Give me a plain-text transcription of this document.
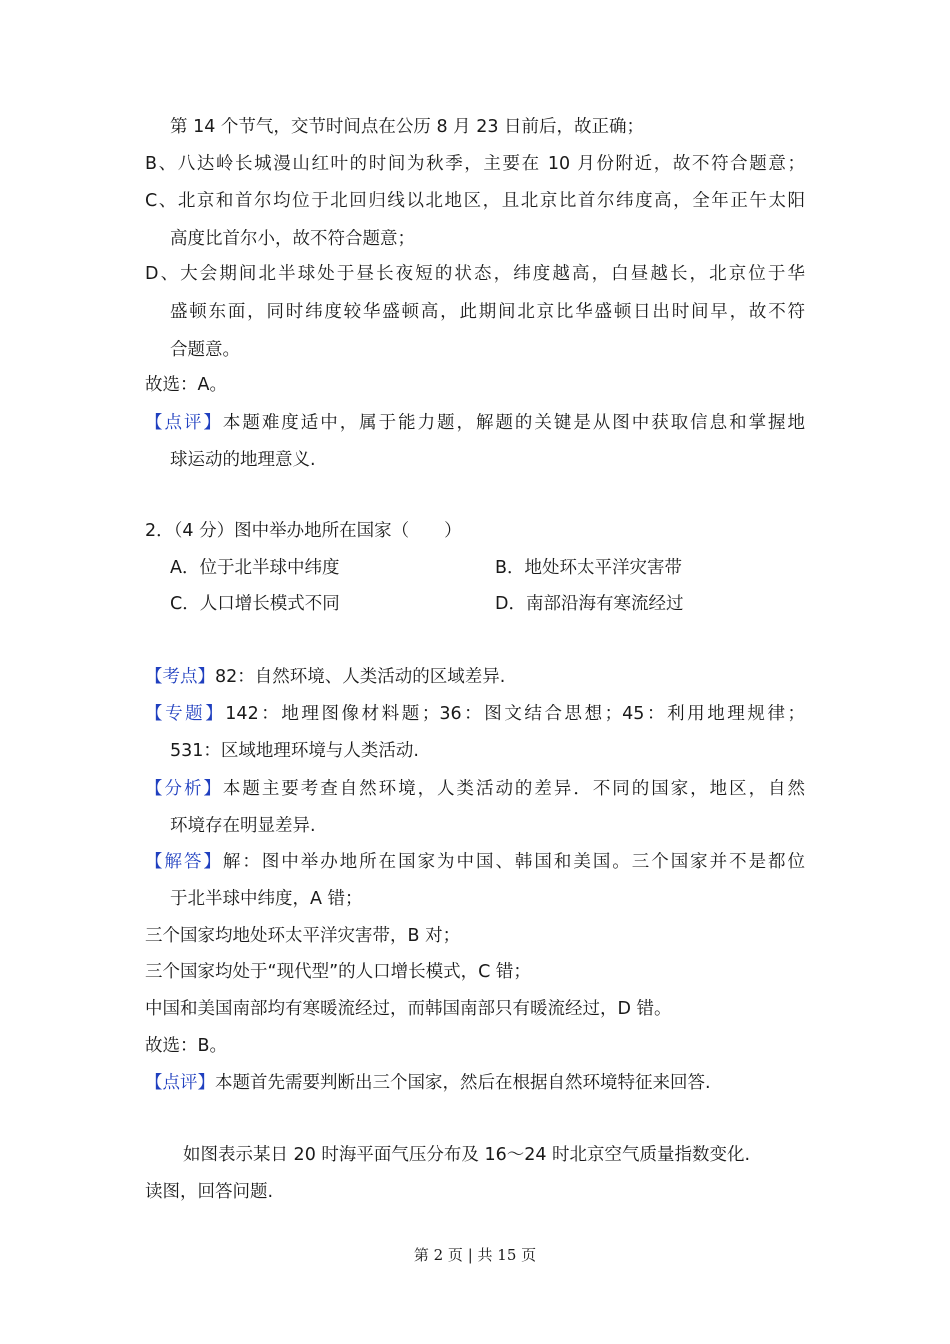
第 14 个节气，交节时间点在公历 8 月 23 日前后，故正确；
B、八达岭长城漫山红叶的时间为秋季，主要在 10 月份附近，故不符合题意；
C、北京和首尔均位于北回归线以北地区，且北京比首尔纬度高，全年正午太阳
高度比首尔小，故不符合题意；
D、大会期间北半球处于昼长夜短的状态，纬度越高，白昼越长，北京位于华
盛顿东面，同时纬度较华盛顿高，此期间北京比华盛顿日出时间早，故不符
合题意。
故选：A。
【点评】本题难度适中，属于能力题，解题的关键是从图中获取信息和掌握地
球运动的地理意义.
2．（4 分）图中举办地所在国家（　　）
A．位于北半球中纬度	B．地处环太平洋灾害带
C．人口增长模式不同	D．南部沿海有寒流经过
【考点】82：自然环境、人类活动的区域差异.
【专题】142：地理图像材料题；36：图文结合思想；45：利用地理规律；
531：区域地理环境与人类活动.
【分析】本题主要考查自然环境，人类活动的差异．不同的国家，地区，自然
环境存在明显差异.
【解答】解：图中举办地所在国家为中国、韩国和美国。三个国家并不是都位
于北半球中纬度，A 错；
三个国家均地处环太平洋灾害带，B 对；
三个国家均处于“现代型”的人口增长模式，C 错；
中国和美国南部均有寒暖流经过，而韩国南部只有暖流经过，D 错。
故选：B。
【点评】本题首先需要判断出三个国家，然后在根据自然环境特征来回答.
如图表示某日 20 时海平面气压分布及 16～24 时北京空气质量指数变化.
读图，回答问题.
第 2 页 | 共 15 页
